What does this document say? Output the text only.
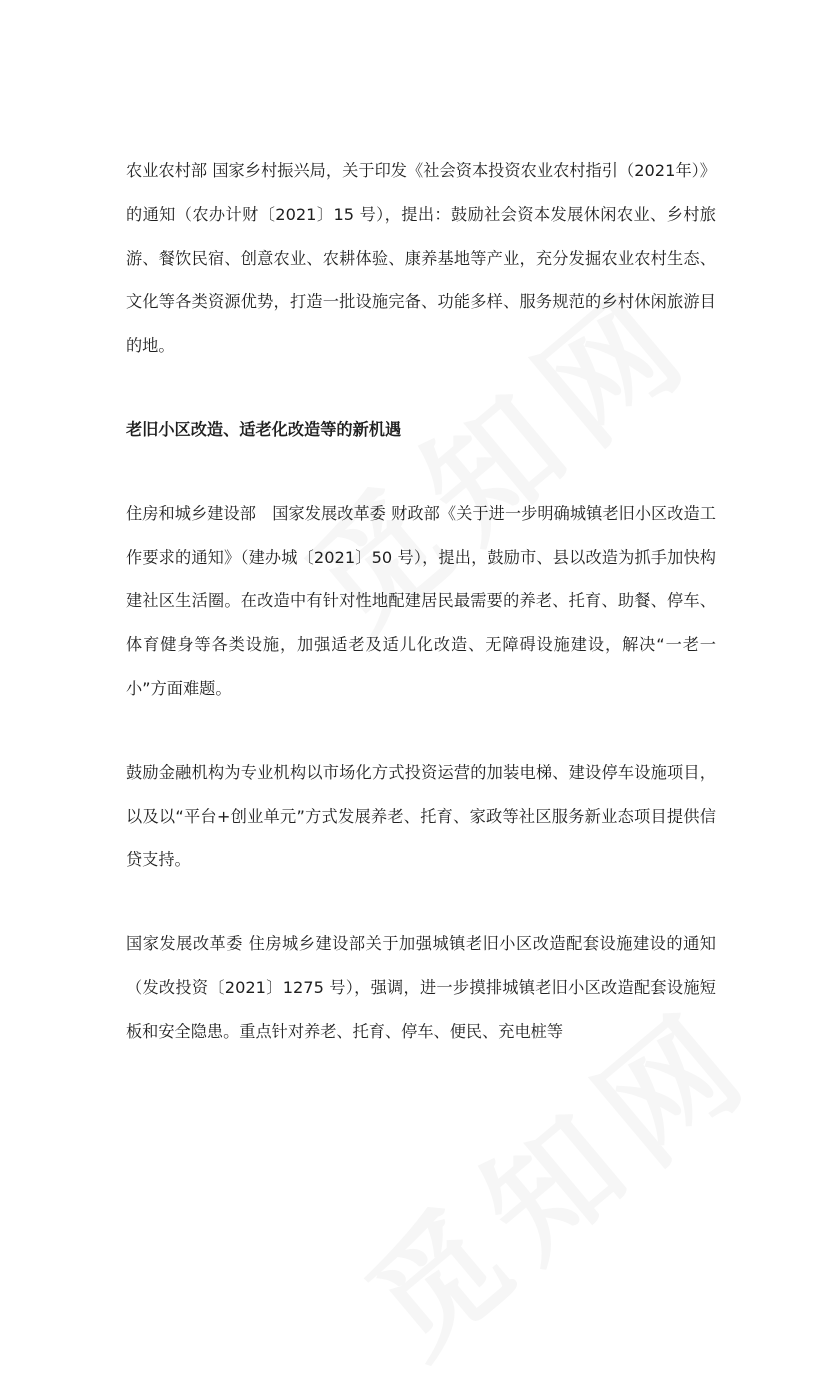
农业农村部 国家乡村振兴局，关于印发《社会资本投资农业农村指引（2021年）》的通知（农办计财〔2021〕15 号），提出：鼓励社会资本发展休闲农业、乡村旅游、餐饮民宿、创意农业、农耕体验、康养基地等产业，充分发掘农业农村生态、文化等各类资源优势，打造一批设施完备、功能多样、服务规范的乡村休闲旅游目的地。

老旧小区改造、适老化改造等的新机遇

住房和城乡建设部　国家发展改革委 财政部《关于进一步明确城镇老旧小区改造工作要求的通知》（建办城〔2021〕50 号），提出，鼓励市、县以改造为抓手加快构建社区生活圈。在改造中有针对性地配建居民最需要的养老、托育、助餐、停车、体育健身等各类设施，加强适老及适儿化改造、无障碍设施建设，解决“一老一小”方面难题。

鼓励金融机构为专业机构以市场化方式投资运营的加装电梯、建设停车设施项目，以及以“平台+创业单元”方式发展养老、托育、家政等社区服务新业态项目提供信贷支持。

国家发展改革委 住房城乡建设部关于加强城镇老旧小区改造配套设施建设的通知（发改投资〔2021〕1275 号），强调，进一步摸排城镇老旧小区改造配套设施短板和安全隐患。重点针对养老、托育、停车、便民、充电桩等
